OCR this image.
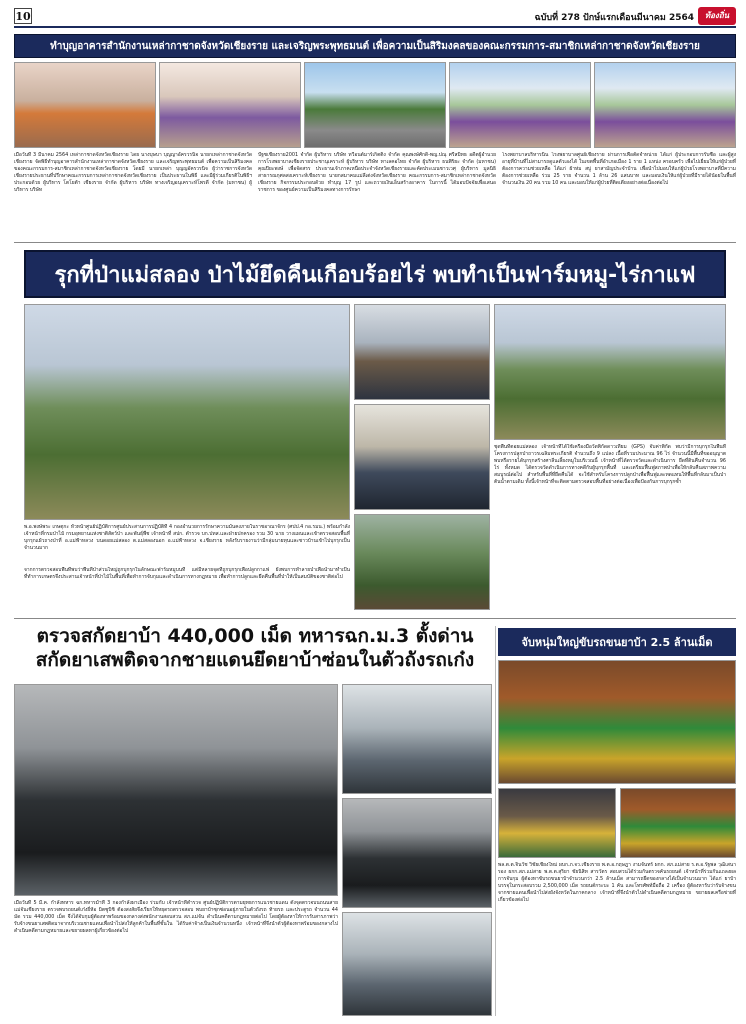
10	ฉบับที่ 278 ปักษ์แรกเดือนมีนาคม 2564	ท้องถิ่น
ทำบุญอาคารสำนักงานเหล่ากาชาดจังหวัดเชียงราย และเจริญพระพุทธมนต์ เพื่อความเป็นสิริมงคลของคณะกรรมการ-สมาชิกเหล่ากาชาดจังหวัดเชียงราย
เมื่อวันที่ 3 มีนาคม 2564 เหล่ากาชาดจังหวัดเชียงราย โดย นางบุษบา บุญญาอัครวรนิจ นายกเหล่ากาชาดจังหวัดเชียงราย จัดพิธีทำบุญอาคารสำนักงานเหล่ากาชาดจังหวัดเชียงราย และเจริญพระพุทธมนต์ เพื่อความเป็นสิริมงคลของคณะกรรมการ-สมาชิกเหล่ากาชาดจังหวัดเชียงราย โดยมี นายกเหล่า บุญญอัครวรนิจ ผู้ว่าราชการจังหวัดเชียงรายประธานที่ปรึกษาคณะกรรมการเหล่ากาชาดจังหวัดเชียงราย เป็นประธานในพิธี และมีผู้ร่วมเกียรติในพิธีฯ ประกอบด้วย ผู้บริหาร โตโยต้า เชียงราย จำกัด ผู้บริหาร บริษัท ทางเจริญอนุเคราะห์โพรดี จำกัด (มหาชน) ผู้บริหาร บริษัท
ปัฐชเชียงราย2001 จำกัด ผู้บริหาร บริษัท ทวีอนต์มาร์เก็ตติ้ง จำกัด คุณพงษ์ศักดิ์-พญ.ปณุ ศรีสมิทธ อดีตผู้อำนวยการโรงพยาบาลเชียงรายประชานุเคราะห์ ผู้บริหาร บริษัท ทาเลคอไทย จำกัด ผู้บริหาร ธนพิริยะ จำกัด (มหาชน) คุณปิยะพงษ์ เพื่อจัดสรร ประธานเจ้าภาคเหนือประจำจังหวัดเชียงรายและคัดประเมนชาวเวศุ ผู้บริหาร มูลนิธิสาธารณกุศลสงเคราะห์เชียงราย นายกสมาคมแม่ลีเต่งจังหวัดเชียงราย คณะกรรมการ-สมาชิกเหล่ากาชาดจังหวัดเชียงราย กิจกรรมประกอบด้วย ทำบุญ 17 รูป และถวายเงินเอ็นสร้างอาคาร ในการนี้ ได้มอบปัจจัยเพื่อเสนอราชการ ของศูนย์ความเป็นสิริมงคลทางการรักษา
โรงพยาบาลบริหารนิน โรงพยาบาลศูนย์เชียงราย ผ่านการเพื่อตัดจำหน่าย ได้แก่ ผู้ประกอบการรับซื้อ และผู้สูงอายุที่บ้านที่ไม่สามารถดูแลตัวเองได้ ในเขตพื้นที่อำเภอเมือง 1 ราย 1 แหน่ง ครอบครัว เพื่อไปเยี่ยมให้แก่ผู้ป่วยที่ต้องการความช่วยเหลือ ได้แก่ ผ้าห่ม สบู่ ยาสามัญประจำบ้าน เพื่อนำไปมอบให้แก่ผู้ป่วยโรงพยาบาลที่มีความต้องการช่วยเหลือ ร่วม 25 ราย จำนวน 1 ล้าน 26 แสนบาท และมอบเงินให้แก่ผู้ป่วยที่มีรายได้น้อยในพื้นที่ จำนวนเงิน 20 คน รวม 10 คน และมอบให้แก่ผู้ป่วยที่ติดเตียงอย่างต่อเนื่องต่อไป
รุกที่ป่าแม่สลอง ป่าไม้ยึดคืนเกือบร้อยไร่ พบทำเป็นฟาร์มหมู-ไร่กาแฟ
พ.อ.พงษ์พระ เกษตุกะ หัวหน้าศูนย์ปฏิบัติการศูนย์ประสานการปฏิบัติที่ 4 กองอำนวยการรักษาความมั่นคงภายในราชอาณาจักร (ศปป.4 กอ.รมน.) พร้อมกำลัง เจ้าหน้าที่กรมป่าไม้ กรมอุทยานแห่งชาติสัตว์ป่า และพันธุ์พืช เจ้าหน้าที่ สปก. ตำรวจ บก.ปทส.และฝ่ายปกครอง รวม 30 นาย วางแผนและเข้าตรวจสอบพื้นที่บุกรุกแผ้วถางป่าที่ อ.แม่ฟ้าหลวง บนดอยแม่สลอง ต.แม่สลองนอก อ.แม่ฟ้าหลวง จ.เชียงราย หลังรับรายงานว่ามีกลุ่มนายทุนและชาวบ้านเข้าไปบุกรุกเป็นจำนวนมาก
จากการตรวจสอบพื้นที่พบว่าพื้นที่ป่าส่วนใหญ่ถูกบุกรุกในลักษณะฟาร์มหมูบนที่ แต่มีหลายจุดที่ถูกบุกรุกเพื่อปลูกกาแฟ ยังพบการทำลายป่าเพื่อนำมาทำเป็นที่ทำการเกษตรจึงประสานเจ้าหน้าที่ป่าไม้ในพื้นที่เพื่อทำการจับกุมและดำเนินการทางกฎหมาย เพื่อทำการปลูกและยึดคืนพื้นที่ป่าให้เป็นสมบัติของชาติต่อไป
ชุดพื้นที่ตอยแม่สลอง เจ้าหน้าที่ได้ใช้เครื่องมือวัดพิกัดดาวเทียม (GPS) จับค่าพิกัด พบว่ามีการบุกรุกในพื้นที่โครงการปลูกป่าถาวรเฉลิมพระเกียรติ จำนวนถึง 9 แปลง เนื้อที่รวมประมาณ 96 ไร่ จำนวนนี้มีพื้นที่ขออนุญาตพบหรือรายได้บุกรุกสร้างศาลีนเลี้ยงหมูในบริเวณนี้ เจ้าหน้าที่ได้ตรวจวัดและดำเนินการ ยึดที่ดินคืนจำนวน 96 ไร่ ทั้งหมด ได้ตรวจวัดดำเนินการทางคดีกับผู้บุกรุกพื้นที่ และเตรียมฟื้นฟูสภาพป่าเพื่อให้กลับคืนสภาพความสมบูรณ์ต่อไป สำหรับพื้นที่ที่ยึดคืนได้ จะใช้สำหรับโครงการปลูกป่าเพื่อฟื้นฟูและทดแทนให้พื้นที่กลับมาเป็นป่าต้นน้ำตามเดิม ทั้งนี้เจ้าหน้าที่จะติดตามตรวจสอบพื้นที่อย่างต่อเนื่องเพื่อป้องกันการบุกรุกซ้ำ
ตรวจสกัดยาบ้า 440,000 เม็ด ทหารฉก.ม.3 ตั้งด่านสกัดยาเสพติดจากชายแดนยึดยาบ้าซ่อนในตัวถังรถเก๋ง
เมื่อวันที่ 5 มี.ค. กำลังทหาร ฉก.ทหารม้าที่ 3 กองกำลังผาเมือง ร่วมกับ เจ้าหน้าที่ตำรวจ ศูนย์ปฏิบัติการตามยุทธการแนวชายแดน ตั้งจุดตรวจบนถนนสายแม่จันเชียงราย ตรวจพบรถยนต์เก๋งยี่ห้อ มิตซูบิชิ ต้องสงสัยจึงเรียกให้หยุดรถตรวจสอบ พบยาบ้าซุกซ่อนอยู่ภายในตัวถังรถ ท้ายรถ และประตูรถ จำนวน 44 มัด รวม 440,000 เม็ด จึงได้จับกุมผู้ต้องหาพร้อมของกลางส่งพนักงานสอบสวน สภ.แม่จัน ดำเนินคดีตามกฎหมายต่อไป โดยผู้ต้องหาให้การรับสารภาพว่ารับจ้างขนยาเสพติดมาจากบริเวณชายแดนเพื่อนำไปส่งให้ลูกค้าในพื้นที่ชั้นใน ได้รับค่าจ้างเป็นเงินจำนวนหนึ่ง เจ้าหน้าที่จึงนำตัวผู้ต้องหาพร้อมของกลางไปดำเนินคดีตามกฎหมายและขยายผลหาผู้เกี่ยวข้องต่อไป
จับหนุ่มใหญ่ขับรถขนยาบ้า 2.5 ล้านเม็ด
พล.ต.ต.จินวัช วิชัยเชียงใหม่ ผบก.ภ.จว.เชียงราย พ.ต.อ.กฤษฎา งามจันทร์ ผกก. สภ.แม่สาย ร.ต.อ.รัฐพล วุฒิเสนา รอง ผกก.สภ.แม่สาย พ.ต.ต.สุริยา ชัยนิสิท สารวัตร สอบสวนได้ร่วมกันตรวจค้นรถยนต์ เจ้าหน้าที่ร่วมกันแถลงผลการจับกุม ผู้ต้องหาขับรถขนยาบ้าจำนวนกว่า 2.5 ล้านเม็ด สามารถยึดของกลางได้เป็นจำนวนมาก ได้แก่ ยาบ้าบรรจุในกระสอบรวม 2,500,000 เม็ด รถยนต์กระบะ 1 คัน และโทรศัพท์มือถือ 2 เครื่อง ผู้ต้องหารับว่ารับจ้างขนจากชายแดนเพื่อนำไปส่งยังจังหวัดในภาคกลาง เจ้าหน้าที่จึงนำตัวไปดำเนินคดีตามกฎหมาย ขยายผลเครือข่ายที่เกี่ยวข้องต่อไป
